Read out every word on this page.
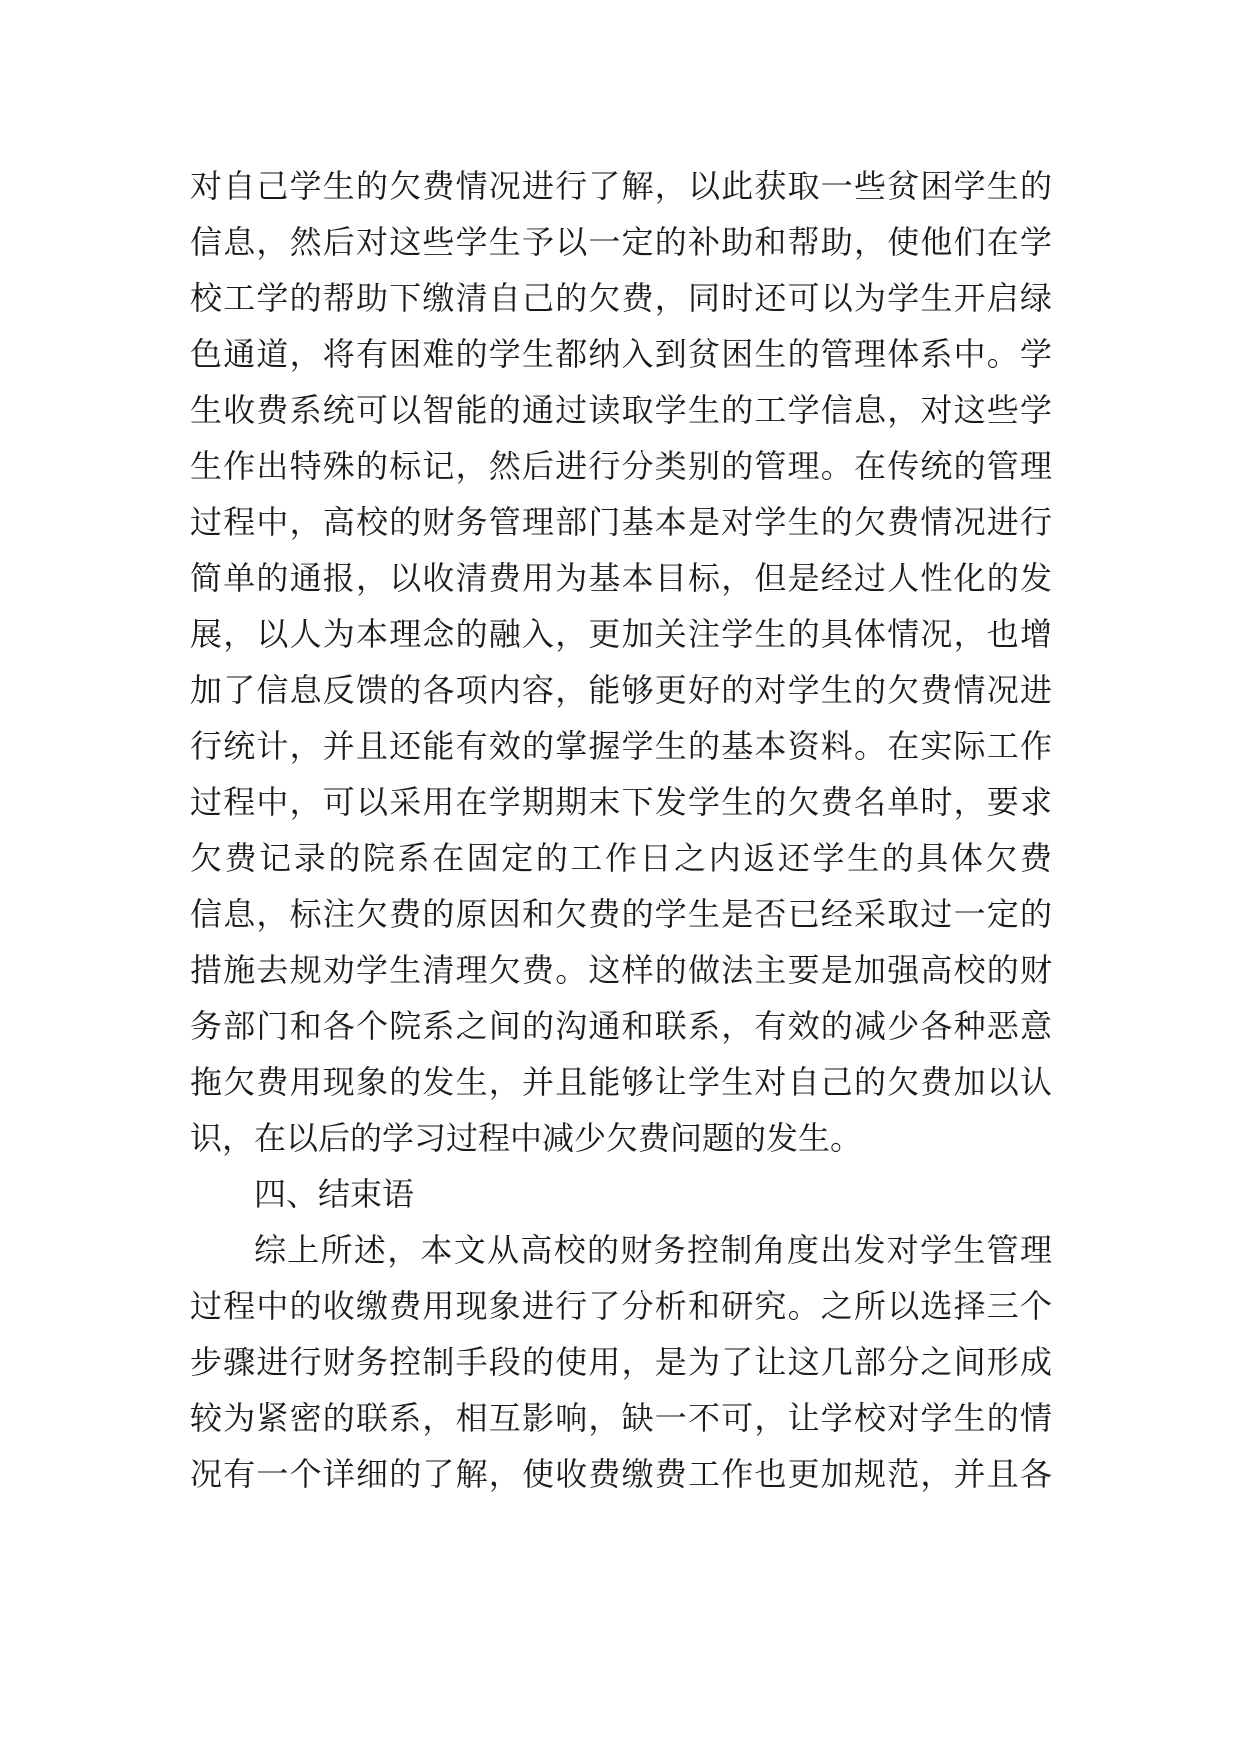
对自己学生的欠费情况进行了解，以此获取一些贫困学生的
信息，然后对这些学生予以一定的补助和帮助，使他们在学
校工学的帮助下缴清自己的欠费，同时还可以为学生开启绿
色通道，将有困难的学生都纳入到贫困生的管理体系中。学
生收费系统可以智能的通过读取学生的工学信息，对这些学
生作出特殊的标记，然后进行分类别的管理。在传统的管理
过程中，高校的财务管理部门基本是对学生的欠费情况进行
简单的通报，以收清费用为基本目标，但是经过人性化的发
展，以人为本理念的融入，更加关注学生的具体情况，也增
加了信息反馈的各项内容，能够更好的对学生的欠费情况进
行统计，并且还能有效的掌握学生的基本资料。在实际工作
过程中，可以采用在学期期末下发学生的欠费名单时，要求
欠费记录的院系在固定的工作日之内返还学生的具体欠费
信息，标注欠费的原因和欠费的学生是否已经采取过一定的
措施去规劝学生清理欠费。这样的做法主要是加强高校的财
务部门和各个院系之间的沟通和联系，有效的减少各种恶意
拖欠费用现象的发生，并且能够让学生对自己的欠费加以认
识，在以后的学习过程中减少欠费问题的发生。
四、结束语
综上所述，本文从高校的财务控制角度出发对学生管理
过程中的收缴费用现象进行了分析和研究。之所以选择三个
步骤进行财务控制手段的使用，是为了让这几部分之间形成
较为紧密的联系，相互影响，缺一不可，让学校对学生的情
况有一个详细的了解，使收费缴费工作也更加规范，并且各
